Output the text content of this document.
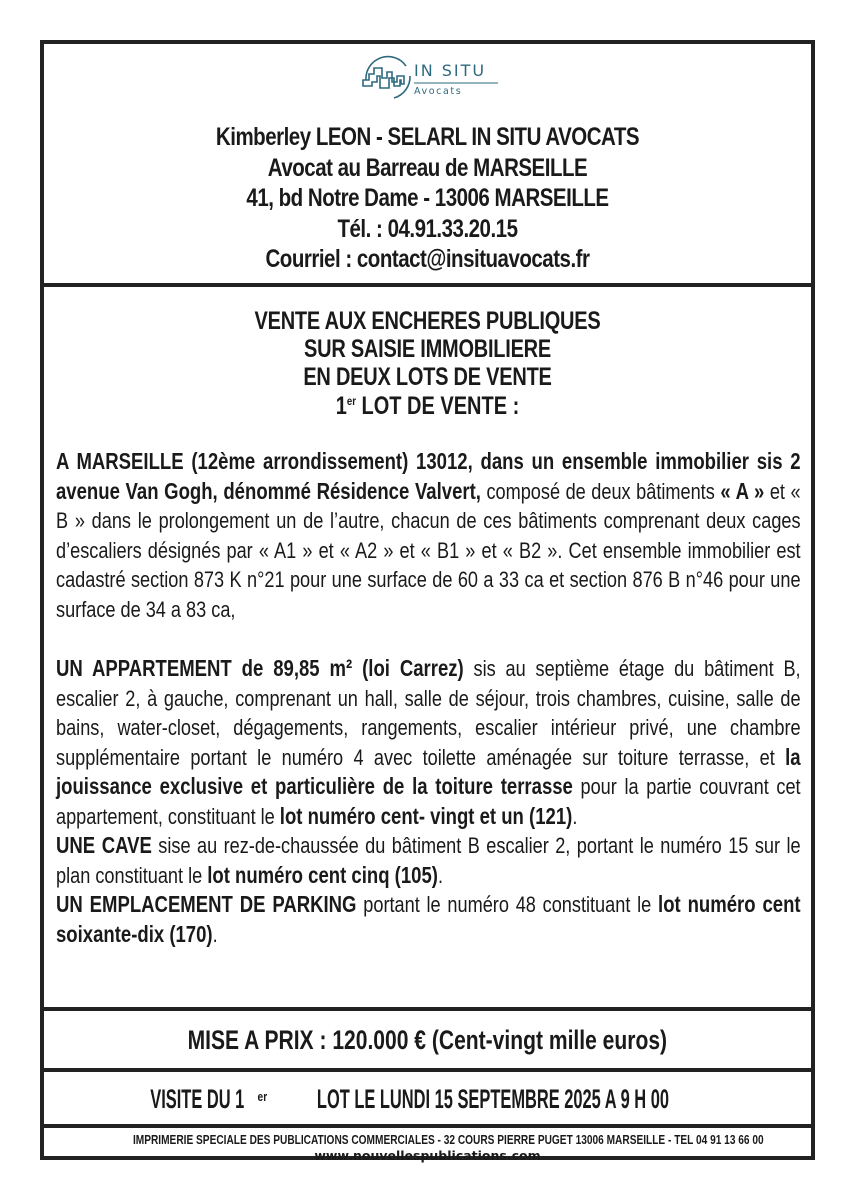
IN SITU
Avocats
Kimberley LEON - SELARL IN SITU AVOCATS
Avocat au Barreau de MARSEILLE
41, bd Notre Dame - 13006 MARSEILLE
Tél. : 04.91.33.20.15
Courriel : contact@insituavocats.fr
VENTE AUX ENCHERES PUBLIQUES
SUR SAISIE IMMOBILIERE
EN DEUX LOTS DE VENTE
1er LOT DE VENTE :
A MARSEILLE (12ème arrondissement) 13012, dans un ensemble immobilier sis 2 avenue Van Gogh, dénommé Résidence Valvert, composé de deux bâtiments « A » et « B » dans le prolongement un de l’autre, chacun de ces bâtiments comprenant deux cages d’escaliers désignés par « A1 » et « A2 » et « B1 » et « B2 ». Cet ensemble immobilier est cadastré section 873 K n°21 pour une surface de 60 a 33 ca et section 876 B n°46 pour une surface de 34 a 83 ca,
UN APPARTEMENT de 89,85 m² (loi Carrez) sis au septième étage du bâtiment B, escalier 2, à gauche, comprenant un hall, salle de séjour, trois chambres, cuisine, salle de bains, water-closet, dégagements, rangements, escalier intérieur privé, une chambre supplémentaire portant le numéro 4 avec toilette aménagée sur toiture terrasse, et la jouissance exclusive et particulière de la toiture terrasse pour la partie couvrant cet appartement, constituant le lot numéro cent- vingt et un (121).
UNE CAVE sise au rez-de-chaussée du bâtiment B escalier 2, portant le numéro 15 sur le plan constituant le lot numéro cent cinq (105).
UN EMPLACEMENT DE PARKING portant le numéro 48 constituant le lot numéro cent soixante-dix (170).
MISE A PRIX : 120.000 € (Cent-vingt mille euros)
VISITE DU 1 $^{er}$LOT LE LUNDI 15 SEPTEMBRE 2025 A 9 H 00
IMPRIMERIE SPECIALE DES PUBLICATIONS COMMERCIALES - 32 COURS PIERRE PUGET 13006 MARSEILLE - TEL 04 91 13 66 00
www.nouvellespublications.com
